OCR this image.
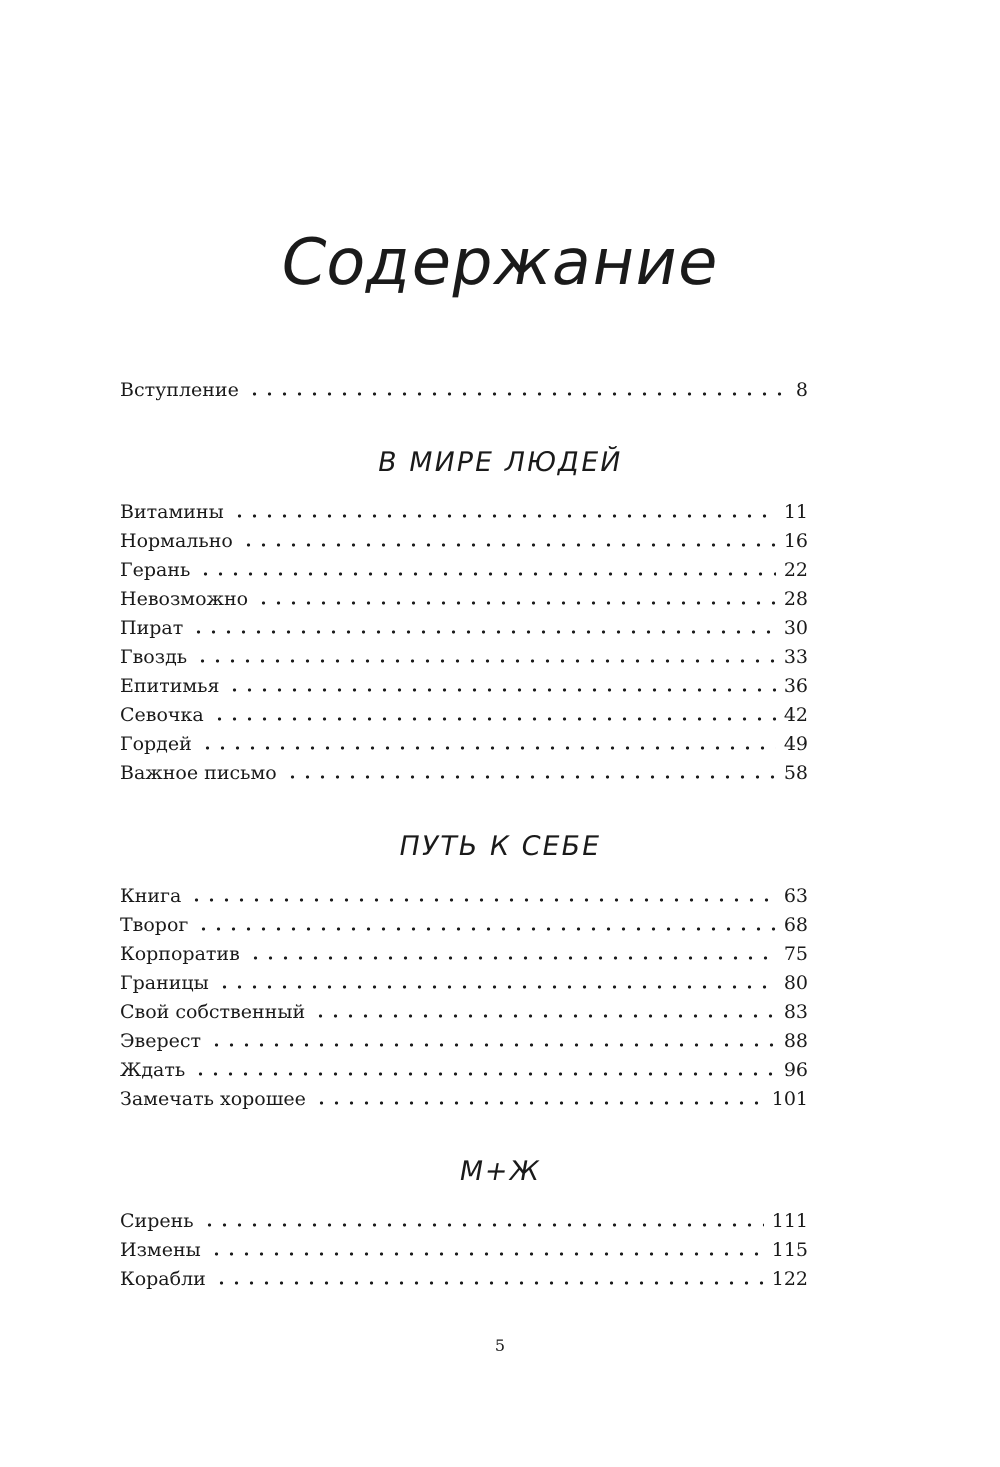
Содержание
Вступление	8
В МИРЕ ЛЮДЕЙ
Витамины	11
Нормально	16
Герань	22
Невозможно	28
Пират	30
Гвоздь	33
Епитимья	36
Севочка	42
Гордей	49
Важное письмо	58
ПУТЬ К СЕБЕ
Книга	63
Творог	68
Корпоратив	75
Границы	80
Свой собственный	83
Эверест	88
Ждать	96
Замечать хорошее	101
М+Ж
Сирень	111
Измены	115
Корабли	122
5
